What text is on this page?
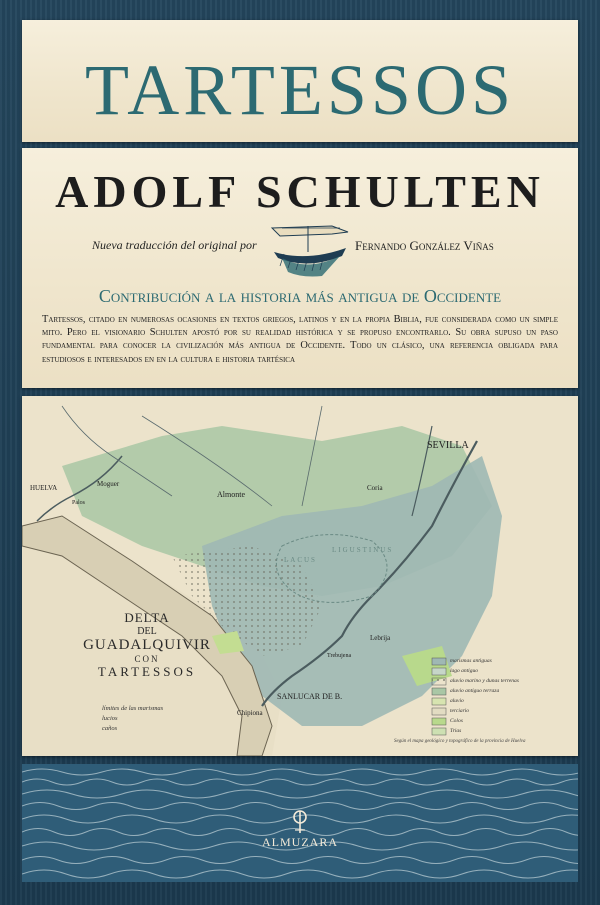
TARTESSOS
ADOLF SCHULTEN
Nueva traducción del original por	Fernando González Viñas
Contribución a la historia más antigua de Occidente
Tartessos, citado en numerosas ocasiones en textos griegos, latinos y en la propia Biblia, fue considerada como un simple mito. Pero el visionario Schulten apostó por su realidad histórica y se propuso encontrarlo. Su obra supuso un paso fundamental para conocer la civilización más antigua de Occidente. Todo un clásico, una referencia obligada para estudiosos e interesados en en la cultura e historia tartésica
DELTA
DEL
GUADALQUIVIR
CON
TARTESSOS
SEVILLA
HUELVA	Moguer
Palos
Almonte
Coria
Lebrija
Trebujena
SANLUCAR DE B.
Chipiona
LACUS
LIGUSTINUS
límites de las marismas
lucios
caños
marismas antiguas
lago antiguo
aluvio marino y dunas terrenas
aluvio antiguo terraza
aluvio
terciario
Colos
Trias
Según el mapa geológico y topográfico de la provincia de Huelva
ALMUZARA
